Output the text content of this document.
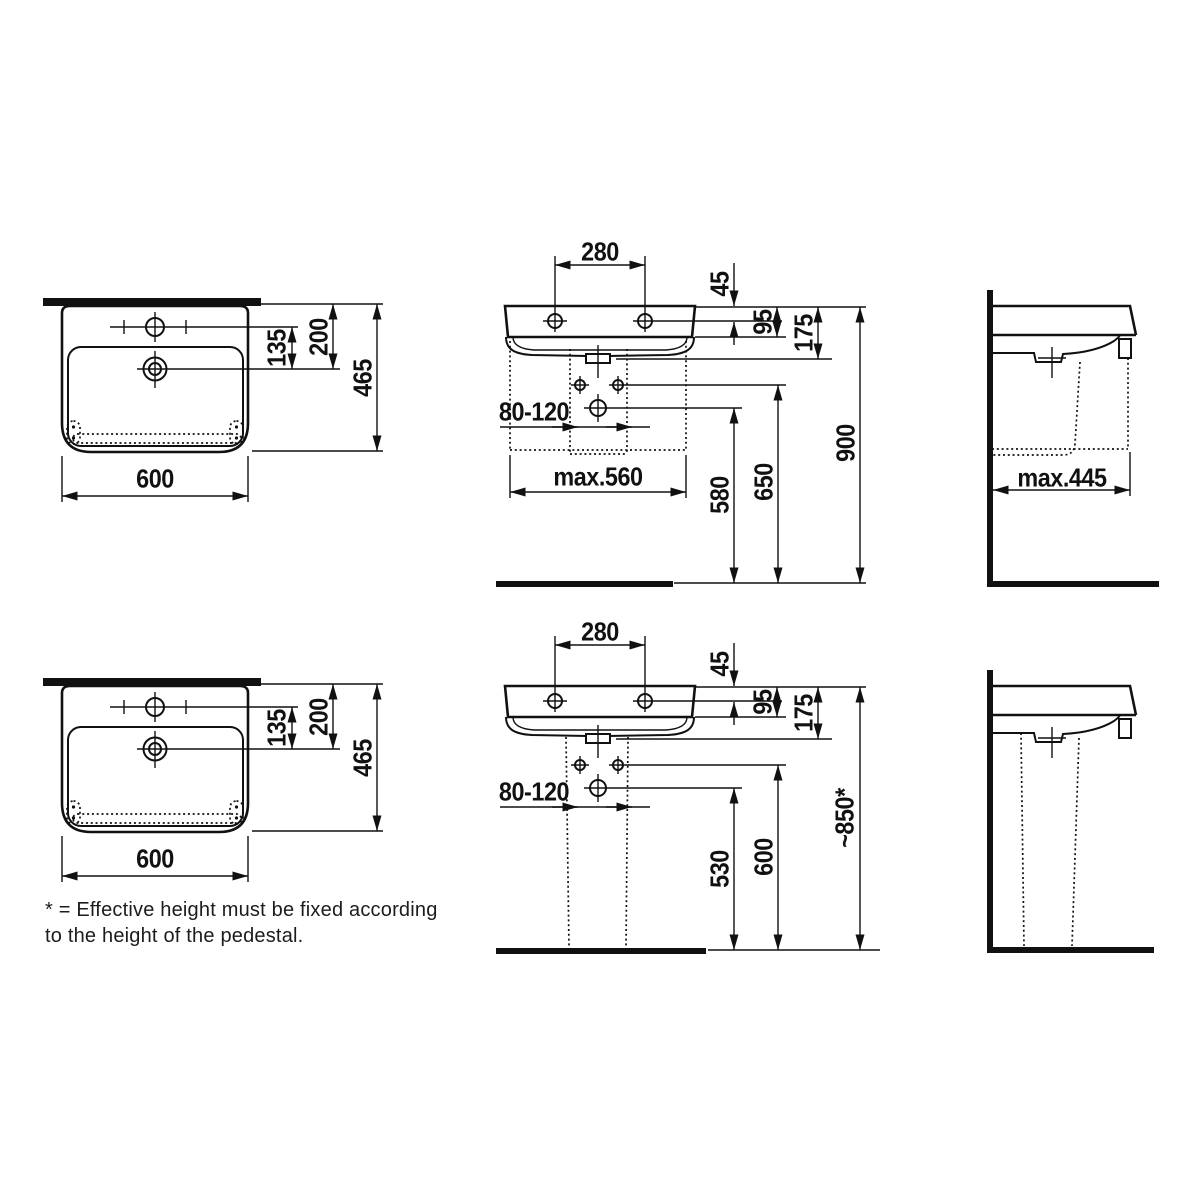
135 200
465
600
135 200
465
600
280
45
95 175
80-120
max.560 580 650
900
max.445
280
45
95 175
80-120
530 600
~850*
* = Effective height must be fixed according
to the height of the pedestal.
